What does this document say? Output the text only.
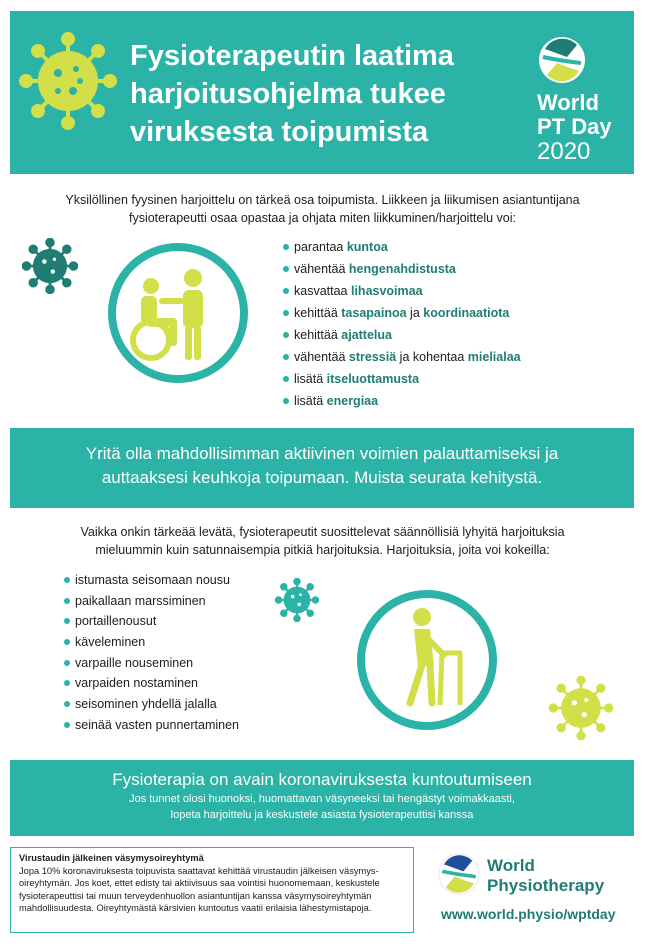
Fysioterapeutin laatima
harjoitusohjelma tukee
viruksesta toipumista
World
PT Day
2020
Yksilöllinen fyysinen harjoittelu on tärkeä osa toipumista. Liikkeen ja liikumisen asiantuntijana
fysioterapeutti osaa opastaa ja ohjata miten liikkuminen/harjoittelu voi:
parantaa kuntoa
vähentää hengenahdistusta
kasvattaa lihasvoimaa
kehittää tasapainoa ja koordinaatiota
kehittää ajattelua
vähentää stressiä ja kohentaa mielialaa
lisätä itseluottamusta
lisätä energiaa
Yritä olla mahdollisimman aktiivinen voimien palauttamiseksi ja
auttaaksesi keuhkoja toipumaan. Muista seurata kehitystä.
Vaikka onkin tärkeää levätä, fysioterapeutit suosittelevat säännöllisiä lyhyitä harjoituksia
mieluummin kuin satunnaisempia pitkiä harjoituksia. Harjoituksia, joita voi kokeilla:
istumasta seisomaan nousu
paikallaan marssiminen
portaillenousut
käveleminen
varpaille nouseminen
varpaiden nostaminen
seisominen yhdellä jalalla
seinää vasten punnertaminen
Fysioterapia on avain koronaviruksesta kuntoutumiseen
Jos tunnet olosi huonoksi, huomattavan väsyneeksi tai hengästyt voimakkaasti,
lopeta harjoittelu ja keskustele asiasta fysioterapeuttisi kanssa
Virustaudin jälkeinen väsymysoireyhtymä
Jopa 10% koronaviruksesta toipuvista saattavat kehittää virustaudin jälkeisen väsymys-oireyhtymän. Jos koet, ettet edisty tai aktiivisuus saa vointisi huonomemaan, keskustele fysioterapeuttisi tai muun terveydenhuollon asiantuntijan kanssa väsymysoireyhtymän mahdollisuudesta. Oireyhtymästä kärsivien kuntoutus vaatii erilaisia lähestymistapoja.
World
Physiotherapy
www.world.physio/wptday
